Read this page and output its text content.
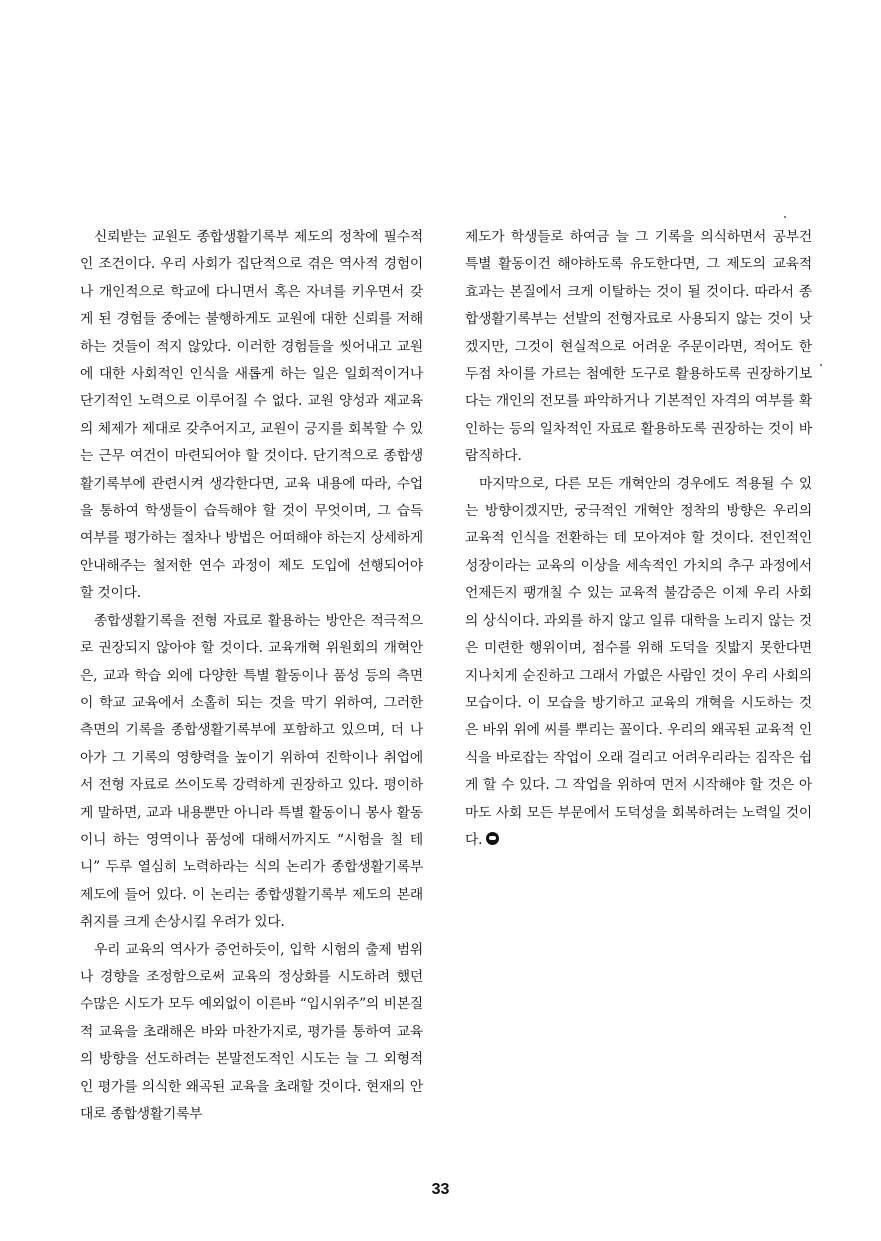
신뢰받는 교원도 종합생활기록부 제도의 정착에 필수적인 조건이다. 우리 사회가 집단적으로 겪은 역사적 경험이나 개인적으로 학교에 다니면서 혹은 자녀를 키우면서 갖게 된 경험들 중에는 불행하게도 교원에 대한 신뢰를 저해하는 것들이 적지 않았다. 이러한 경험들을 씻어내고 교원에 대한 사회적인 인식을 새롭게 하는 일은 일회적이거나 단기적인 노력으로 이루어질 수 없다. 교원 양성과 재교육의 체제가 제대로 갖추어지고, 교원이 긍지를 회복할 수 있는 근무 여건이 마련되어야 할 것이다. 단기적으로 종합생활기록부에 관련시켜 생각한다면, 교육 내용에 따라, 수업을 통하여 학생들이 습득해야 할 것이 무엇이며, 그 습득 여부를 평가하는 절차나 방법은 어떠해야 하는지 상세하게 안내해주는 철저한 연수 과정이 제도 도입에 선행되어야 할 것이다.

종합생활기록을 전형 자료로 활용하는 방안은 적극적으로 권장되지 않아야 할 것이다. 교육개혁 위원회의 개혁안은, 교과 학습 외에 다양한 특별 활동이나 품성 등의 측면이 학교 교육에서 소홀히 되는 것을 막기 위하여, 그러한 측면의 기록을 종합생활기록부에 포함하고 있으며, 더 나아가 그 기록의 영향력을 높이기 위하여 진학이나 취업에서 전형 자료로 쓰이도록 강력하게 권장하고 있다. 평이하게 말하면, 교과 내용뿐만 아니라 특별 활동이니 봉사 활동이니 하는 영역이나 품성에 대해서까지도 “시험을 칠 테니” 두루 열심히 노력하라는 식의 논리가 종합생활기록부 제도에 들어 있다. 이 논리는 종합생활기록부 제도의 본래 취지를 크게 손상시킬 우려가 있다.

우리 교육의 역사가 증언하듯이, 입학 시험의 출제 범위나 경향을 조정함으로써 교육의 정상화를 시도하려 했던 수많은 시도가 모두 예외없이 이른바 “입시위주”의 비본질적 교육을 초래해온 바와 마찬가지로, 평가를 통하여 교육의 방향을 선도하려는 본말전도적인 시도는 늘 그 외형적인 평가를 의식한 왜곡된 교육을 초래할 것이다. 현재의 안대로 종합생활기록부

제도가 학생들로 하여금 늘 그 기록을 의식하면서 공부건 특별 활동이건 해야하도록 유도한다면, 그 제도의 교육적 효과는 본질에서 크게 이탈하는 것이 될 것이다. 따라서 종합생활기록부는 선발의 전형자료로 사용되지 않는 것이 낫겠지만, 그것이 현실적으로 어려운 주문이라면, 적어도 한두점 차이를 가르는 첨예한 도구로 활용하도록 권장하기보다는 개인의 전모를 파악하거나 기본적인 자격의 여부를 확인하는 등의 일차적인 자료로 활용하도록 권장하는 것이 바람직하다.

마지막으로, 다른 모든 개혁안의 경우에도 적용될 수 있는 방향이겠지만, 궁극적인 개혁안 정착의 방향은 우리의 교육적 인식을 전환하는 데 모아져야 할 것이다. 전인적인 성장이라는 교육의 이상을 세속적인 가치의 추구 과정에서 언제든지 팽개칠 수 있는 교육적 불감증은 이제 우리 사회의 상식이다. 과외를 하지 않고 일류 대학을 노리지 않는 것은 미련한 행위이며, 점수를 위해 도덕을 짓밟지 못한다면 지나치게 순진하고 그래서 가엾은 사람인 것이 우리 사회의 모습이다. 이 모습을 방기하고 교육의 개혁을 시도하는 것은 바위 위에 씨를 뿌리는 꼴이다. 우리의 왜곡된 교육적 인식을 바로잡는 작업이 오래 걸리고 어려우리라는 짐작은 쉽게 할 수 있다. 그 작업을 위하여 먼저 시작해야 할 것은 아마도 사회 모든 부문에서 도덕성을 회복하려는 노력일 것이다.

33
